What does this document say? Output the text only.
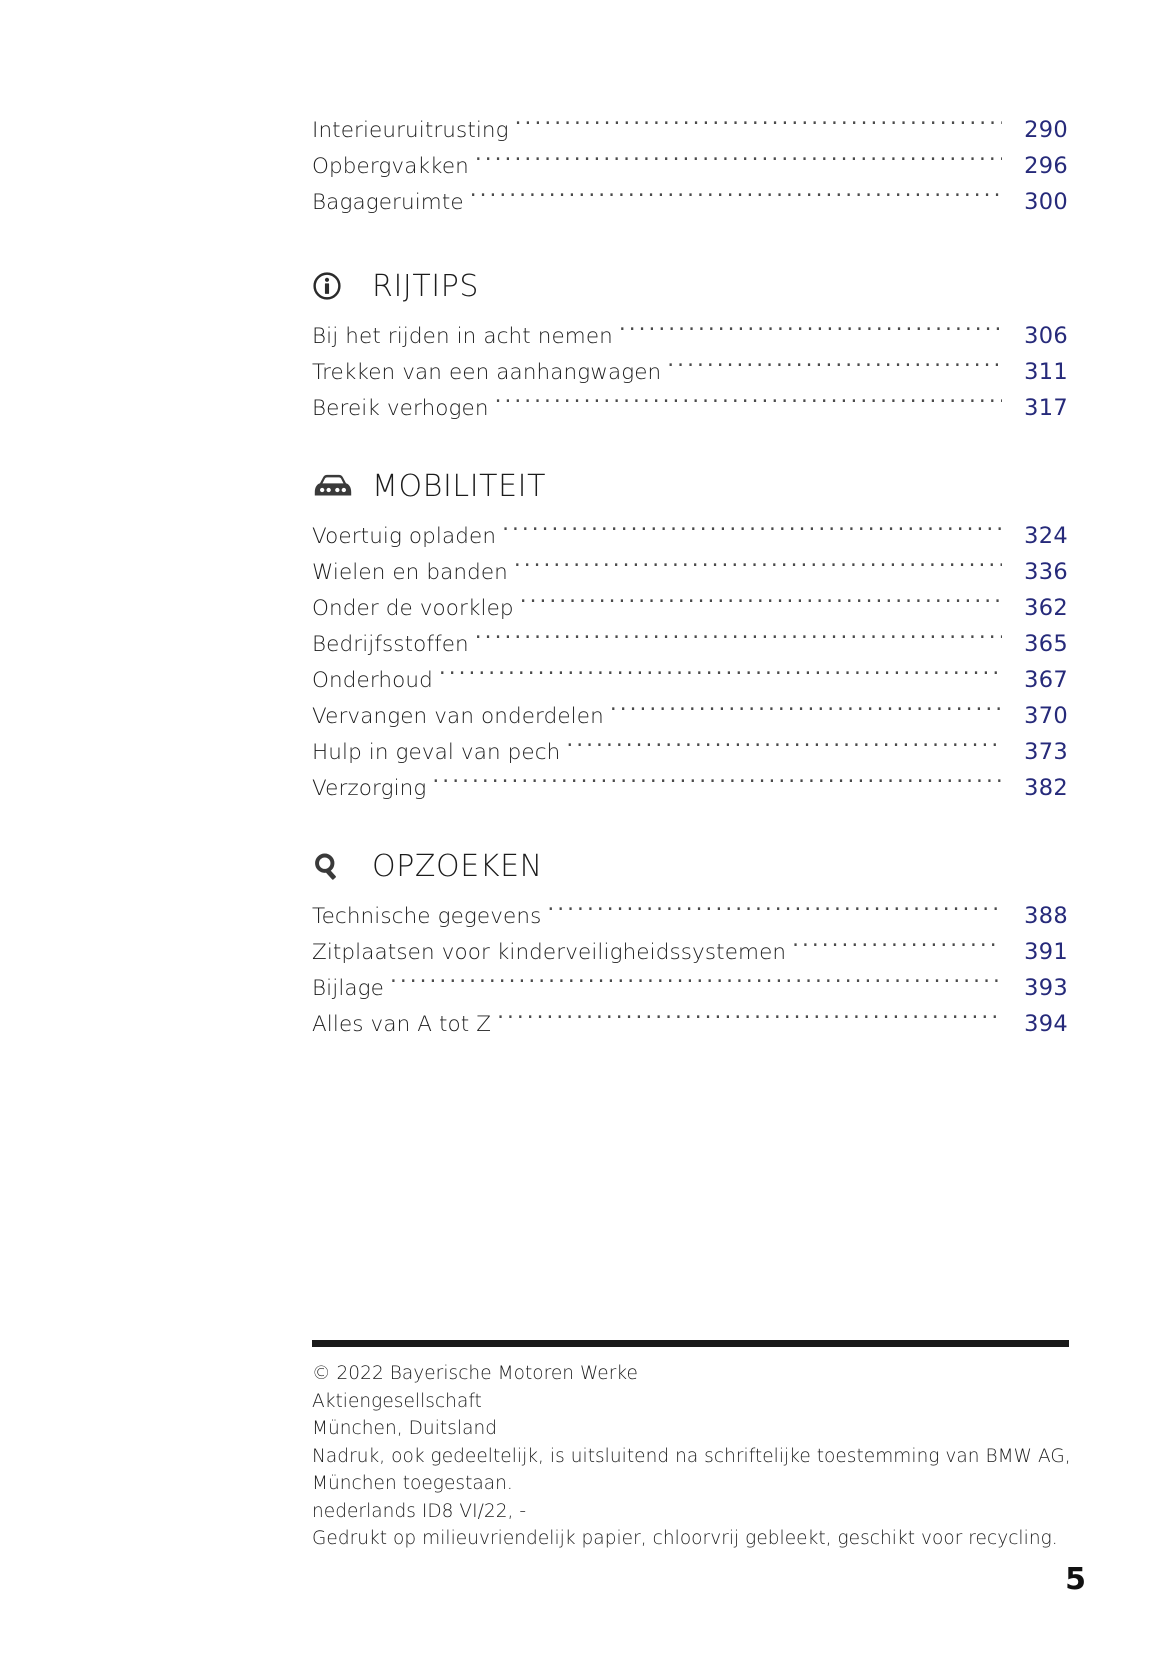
Interieuruitrusting .....	290
Opbergvakken .....	296
Bagageruimte .....	300
RIJTIPS
Bij het rijden in acht nemen .....	306
Trekken van een aanhangwagen .....	311
Bereik verhogen .....	317
MOBILITEIT
Voertuig opladen .....	324
Wielen en banden .....	336
Onder de voorklep .....	362
Bedrijfsstoffen .....	365
Onderhoud .....	367
Vervangen van onderdelen .....	370
Hulp in geval van pech .....	373
Verzorging .....	382
OPZOEKEN
Technische gegevens .....	388
Zitplaatsen voor kinderveiligheidssystemen .....	391
Bijlage .....	393
Alles van A tot Z .....	394
© 2022 Bayerische Motoren Werke
Aktiengesellschaft
München, Duitsland
Nadruk, ook gedeeltelijk, is uitsluitend na schriftelijke toestemming van BMW AG,
München toegestaan.
nederlands ID8 VI/22, -
Gedrukt op milieuvriendelijk papier, chloorvrij gebleekt, geschikt voor recycling.
5
